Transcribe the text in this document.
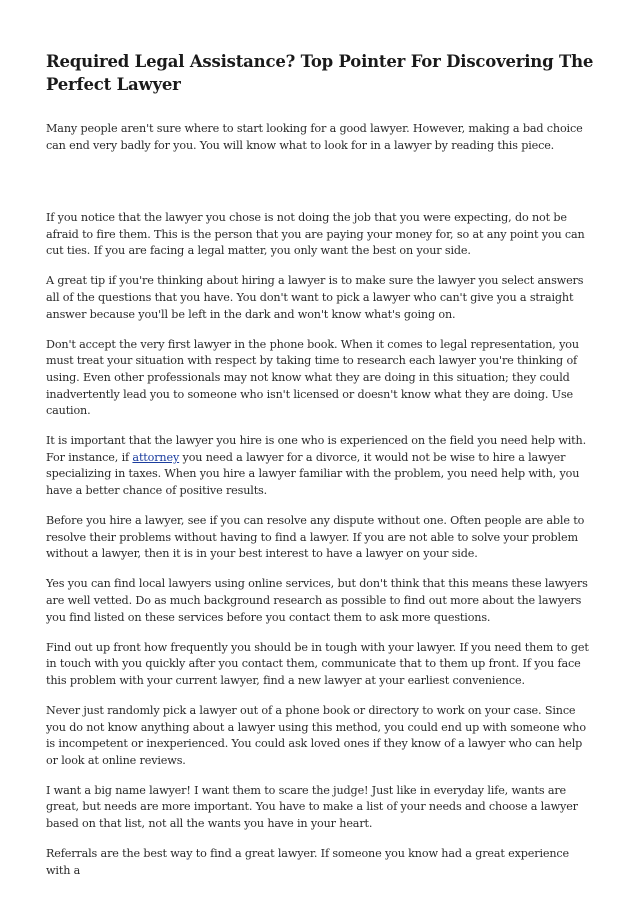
Required Legal Assistance? Top Pointer For Discovering The Perfect Lawyer

Many people aren't sure where to start looking for a good lawyer. However, making a bad choice can end very badly for you. You will know what to look for in a lawyer by reading this piece.

If you notice that the lawyer you chose is not doing the job that you were expecting, do not be afraid to fire them. This is the person that you are paying your money for, so at any point you can cut ties. If you are facing a legal matter, you only want the best on your side.

A great tip if you're thinking about hiring a lawyer is to make sure the lawyer you select answers all of the questions that you have. You don't want to pick a lawyer who can't give you a straight answer because you'll be left in the dark and won't know what's going on.

Don't accept the very first lawyer in the phone book. When it comes to legal representation, you must treat your situation with respect by taking time to research each lawyer you're thinking of using. Even other professionals may not know what they are doing in this situation; they could inadvertently lead you to someone who isn't licensed or doesn't know what they are doing. Use caution.

It is important that the lawyer you hire is one who is experienced on the field you need help with. For instance, if attorney you need a lawyer for a divorce, it would not be wise to hire a lawyer specializing in taxes. When you hire a lawyer familiar with the problem, you need help with, you have a better chance of positive results.

Before you hire a lawyer, see if you can resolve any dispute without one. Often people are able to resolve their problems without having to find a lawyer. If you are not able to solve your problem without a lawyer, then it is in your best interest to have a lawyer on your side.

Yes you can find local lawyers using online services, but don't think that this means these lawyers are well vetted. Do as much background research as possible to find out more about the lawyers you find listed on these services before you contact them to ask more questions.

Find out up front how frequently you should be in tough with your lawyer. If you need them to get in touch with you quickly after you contact them, communicate that to them up front. If you face this problem with your current lawyer, find a new lawyer at your earliest convenience.

Never just randomly pick a lawyer out of a phone book or directory to work on your case. Since you do not know anything about a lawyer using this method, you could end up with someone who is incompetent or inexperienced. You could ask loved ones if they know of a lawyer who can help or look at online reviews.

I want a big name lawyer! I want them to scare the judge! Just like in everyday life, wants are great, but needs are more important. You have to make a list of your needs and choose a lawyer based on that list, not all the wants you have in your heart.

Referrals are the best way to find a great lawyer. If someone you know had a great experience with a
